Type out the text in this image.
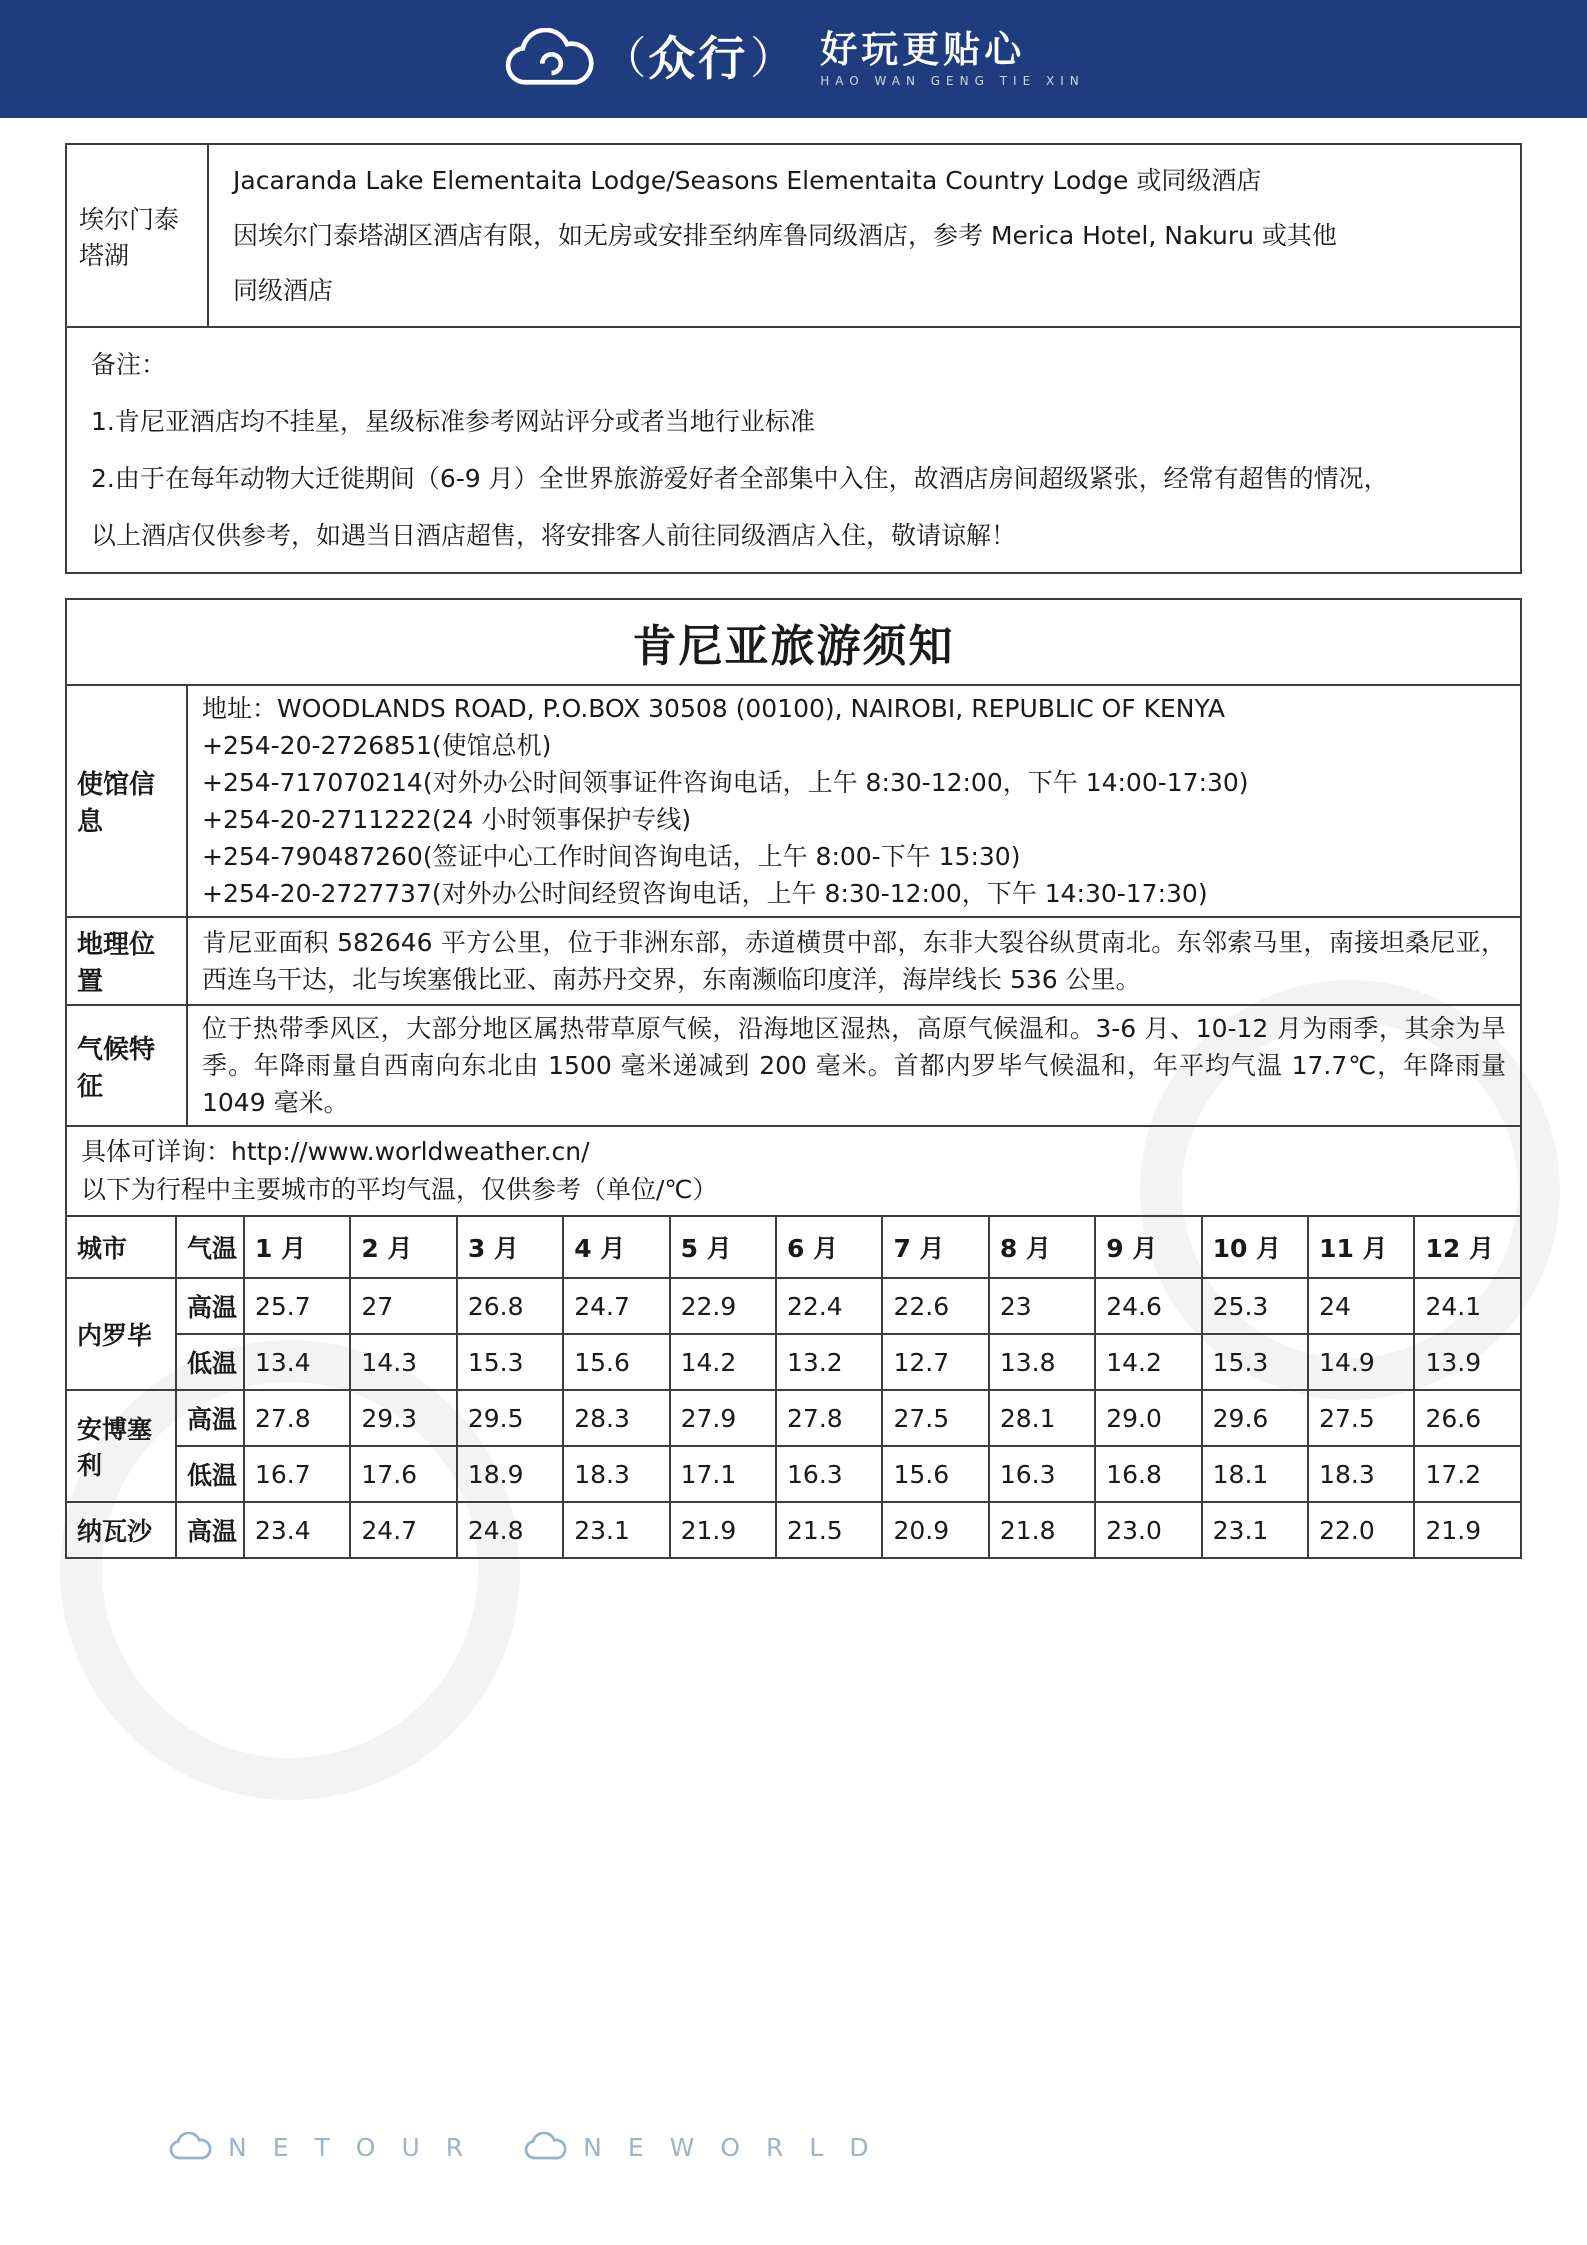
（ 众行 ） 好玩更贴心
HAO WAN GENG TIE XIN
埃尔门泰塔湖	

Jacaranda Lake Elementaita Lodge/Seasons Elementaita Country Lodge 或同级酒店

因埃尔门泰塔湖区酒店有限，如无房或安排至纳库鲁同级酒店，参考 Merica Hotel, Nakuru 或其他

同级酒店

备注：

1.肯尼亚酒店均不挂星，星级标准参考网站评分或者当地行业标准

2.由于在每年动物大迁徙期间（6-9 月）全世界旅游爱好者全部集中入住，故酒店房间超级紧张，经常有超售的情况，

以上酒店仅供参考，如遇当日酒店超售，将安排客人前往同级酒店入住，敬请谅解！

肯尼亚旅游须知	
使馆信息	

地址：WOODLANDS ROAD, P.O.BOX 30508 (00100), NAIROBI, REPUBLIC OF KENYA

+254-20-2726851(使馆总机)

+254-717070214(对外办公时间领事证件咨询电话，上午 8:30-12:00，下午 14:00-17:30)

+254-20-2711222(24 小时领事保护专线)

+254-790487260(签证中心工作时间咨询电话，上午 8:00-下午 15:30)

+254-20-2727737(对外办公时间经贸咨询电话，上午 8:30-12:00，下午 14:30-17:30)

地理位置	肯尼亚面积 582646 平方公里，位于非洲东部，赤道横贯中部，东非大裂谷纵贯南北。东邻索马里，南接坦桑尼亚，西连乌干达，北与埃塞俄比亚、南苏丹交界，东南濒临印度洋，海岸线长 536 公里。
气候特征	位于热带季风区，大部分地区属热带草原气候，沿海地区湿热，高原气候温和。3-6 月、10-12 月为雨季，其余为旱季。年降雨量自西南向东北由 1500 毫米递减到 200 毫米。首都内罗毕气候温和，年平均气温 17.7℃，年降雨量 1049 毫米。

具体可详询：http://www.worldweather.cn/

以下为行程中主要城市的平均气温，仅供参考（单位/℃）	

城市	气温	1 月	2 月	3 月	4 月	5 月	6 月	7 月	8 月	9 月	10 月	11 月	12 月
内罗毕	高温	25.7	27	26.8	24.7	22.9	22.4	22.6	23	24.6	25.3	24	24.1
	低温	13.4	14.3	15.3	15.6	14.2	13.2	12.7	13.8	14.2	15.3	14.9	13.9
安博塞利	高温	27.8	29.3	29.5	28.3	27.9	27.8	27.5	28.1	29.0	29.6	27.5	26.6
	低温	16.7	17.6	18.9	18.3	17.1	16.3	15.6	16.3	16.8	18.1	18.3	17.2
纳瓦沙	高温	23.4	24.7	24.8	23.1	21.9	21.5	20.9	21.8	23.0	23.1	22.0	21.9
NETOUR	NEWORLD
